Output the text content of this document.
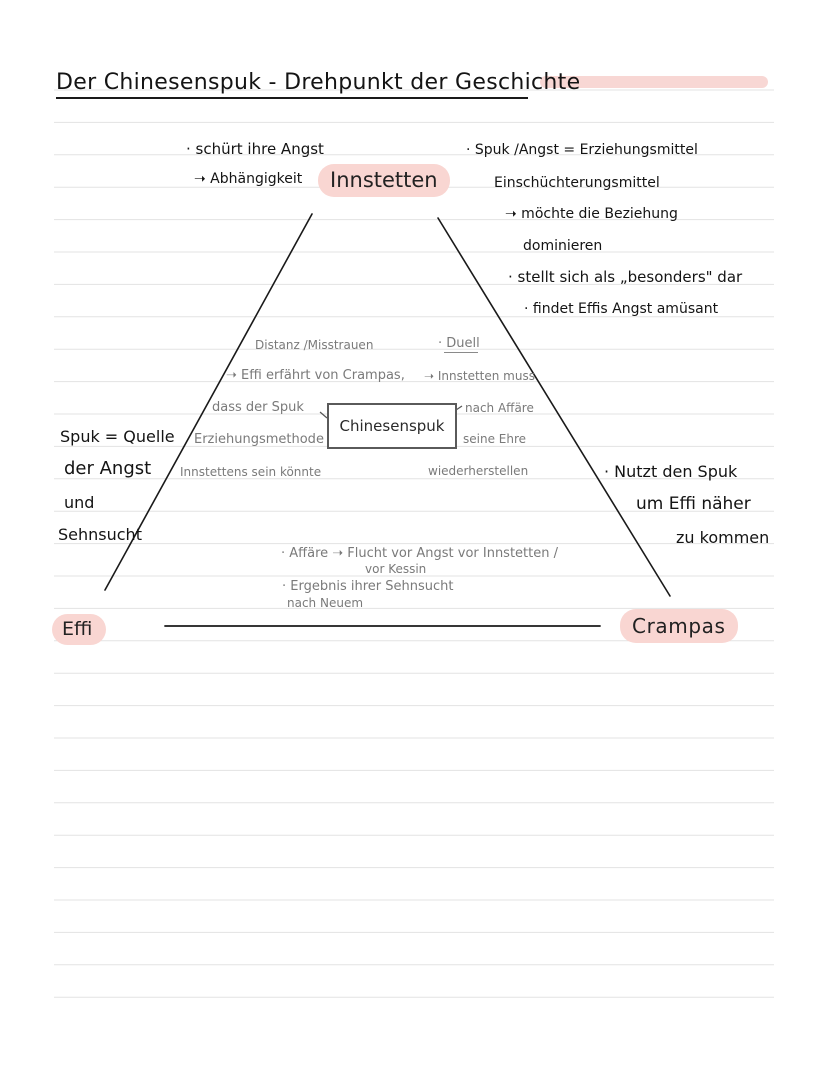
Der Chinesenspuk - Drehpunkt der Geschichte
Innstetten
Effi	Crampas
Chinesenspuk
· schürt ihre Angst
➝ Abhängigkeit
· Spuk /Angst = Erziehungsmittel
Einschüchterungsmittel
➝ möchte die Beziehung
dominieren
· stellt sich als „besonders" dar
· findet Effis Angst amüsant
Distanz /Misstrauen
➝ Effi erfährt von Crampas,
dass der Spuk
Erziehungsmethode
Innstettens sein könnte
· Duell
➝ Innstetten muss
nach Affäre
seine Ehre
wiederherstellen
· Affäre ➝ Flucht vor Angst vor Innstetten /
vor Kessin
· Ergebnis ihrer Sehnsucht
nach Neuem
Spuk = Quelle
der Angst
und
Sehnsucht
· Nutzt den Spuk
um Effi näher
zu kommen
